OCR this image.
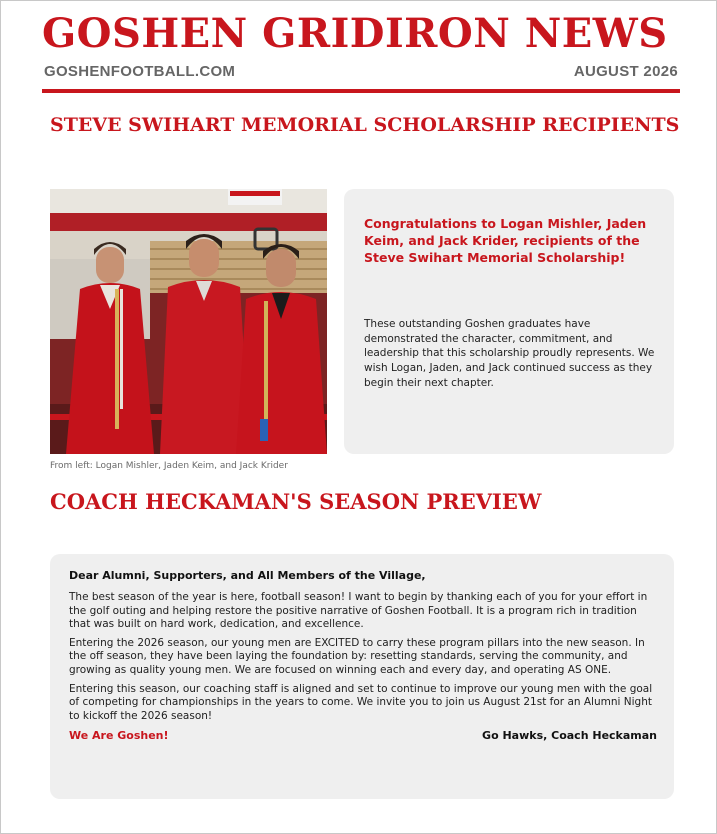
GOSHEN GRIDIRON NEWS
GOSHENFOOTBALL.COM	AUGUST 2026
STEVE SWIHART MEMORIAL SCHOLARSHIP RECIPIENTS
From left: Logan Mishler, Jaden Keim, and Jack Krider
Congratulations to Logan Mishler, Jaden Keim, and Jack Krider, recipients of the Steve Swihart Memorial Scholarship!
These outstanding Goshen graduates have demonstrated the character, commitment, and leadership that this scholarship proudly represents. We wish Logan, Jaden, and Jack continued success as they begin their next chapter.
COACH HECKAMAN'S SEASON PREVIEW
Dear Alumni, Supporters, and All Members of the Village,

The best season of the year is here, football season! I want to begin by thanking each of you for your effort in the golf outing and helping restore the positive narrative of Goshen Football. It is a program rich in tradition that was built on hard work, dedication, and excellence.

Entering the 2026 season, our young men are EXCITED to carry these program pillars into the new season. In the off season, they have been laying the foundation by: resetting standards, serving the community, and growing as quality young men. We are focused on winning each and every day, and operating AS ONE.

Entering this season, our coaching staff is aligned and set to continue to improve our young men with the goal of competing for championships in the years to come. We invite you to join us August 21st for an Alumni Night to kickoff the 2026 season!

We Are Goshen!	Go Hawks, Coach Heckaman
